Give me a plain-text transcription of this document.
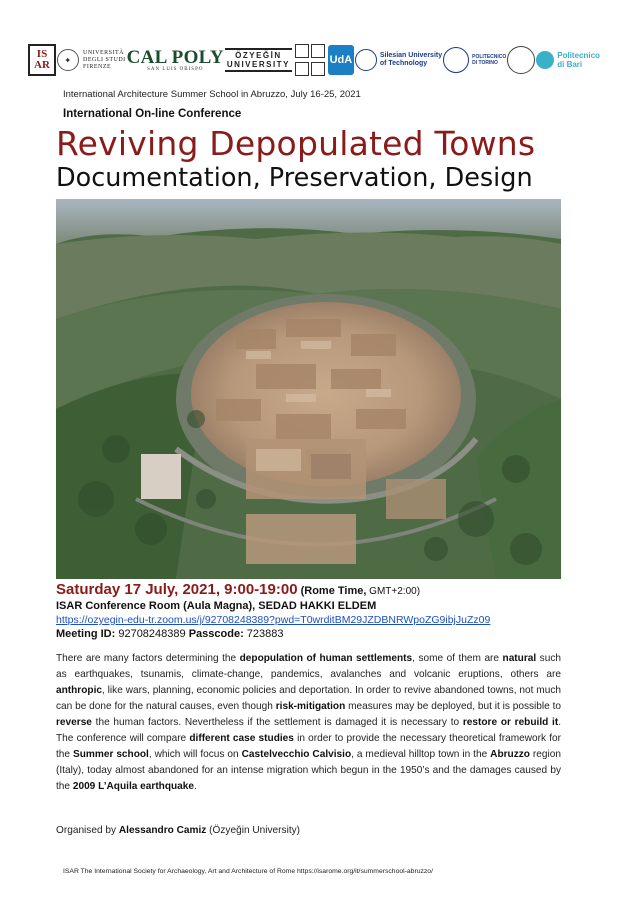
IS
AR	✦
UNIVERSITÀ
DEGLI STUDI
FIRENZE CAL POLY
SAN LUIS OBISPO
ÖZYEĞİN
UNIVERSITY	UdA	Silesian University
of Technology
POLITECNICO
DI TORINO
Politecnico
di Bari
International Architecture Summer School in Abruzzo, July 16-25, 2021
International On-line Conference
Reviving Depopulated Towns
Documentation, Preservation, Design
Saturday 17 July, 2021, 9:00-19:00 (Rome Time, GMT+2:00)
ISAR Conference Room (Aula Magna), SEDAD HAKKI ELDEM
https://ozyegin-edu-tr.zoom.us/j/92708248389?pwd=T0wrditBM29JZDBNRWpoZG9ibjJuZz09
Meeting ID: 92708248389 Passcode: 723883
There are many factors determining the depopulation of human settlements, some of them are natural such as earthquakes, tsunamis, climate-change, pandemics, avalanches and volcanic eruptions, others are anthropic, like wars, planning, economic policies and deportation. In order to revive abandoned towns, not much can be done for the natural causes, even though risk-mitigation measures may be deployed, but it is possible to reverse the human factors. Nevertheless if the settlement is damaged it is necessary to restore or rebuild it. The conference will compare different case studies in order to provide the necessary theoretical framework for the Summer school, which will focus on Castelvecchio Calvisio, a medieval hilltop town in the Abruzzo region (Italy), today almost abandoned for an intense migration which begun in the 1950’s and the damages caused by the 2009 L’Aquila earthquake.
Organised by Alessandro Camiz (Özyeğin University)
ISAR The International Society for Archaeology, Art and Architecture of Rome https://isarome.org/it/summerschool-abruzzo/
